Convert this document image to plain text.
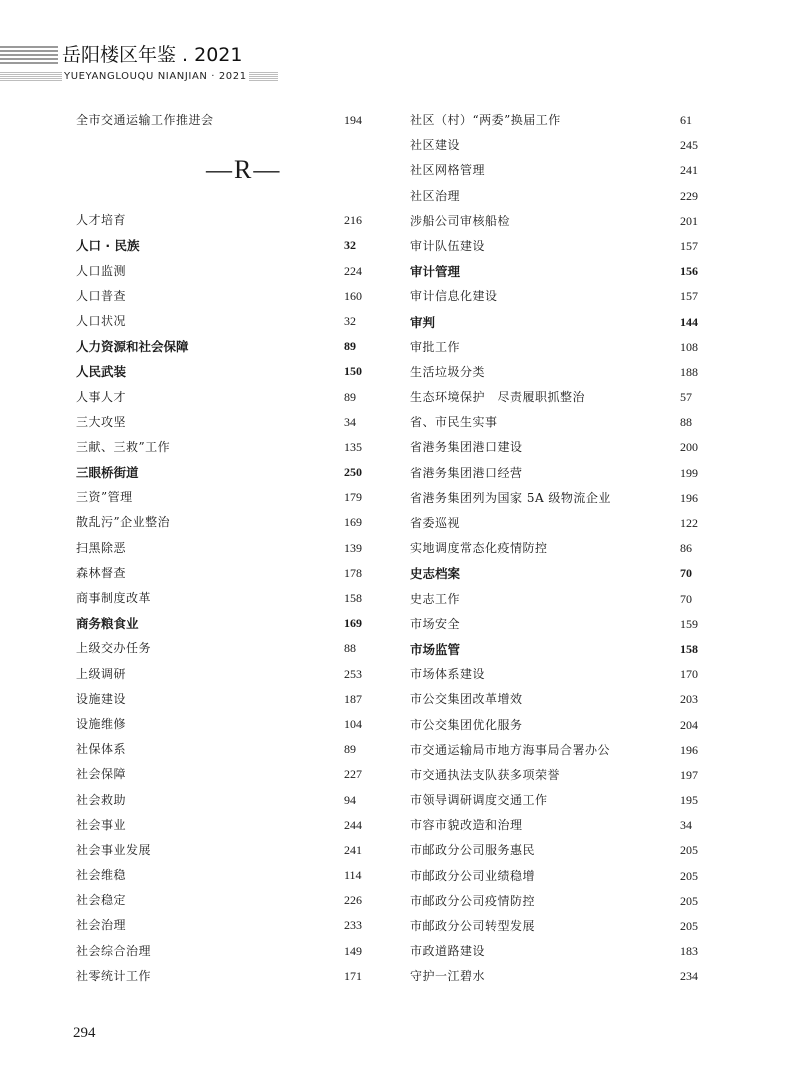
岳阳楼区年鉴 . 2021
YUEYANGLOUQU NIANJIAN · 2021
全市交通运输工作推进会	194
—R—
人才培育	216
人口 · 民族	32
人口监测	224
人口普查	160
人口状况	32
人力资源和社会保障	89
人民武装	150
人事人才	89
三大攻坚	34
三献、三救”工作	135
三眼桥街道	250
三资”管理	179
散乱污”企业整治	169
扫黑除恶	139
森林督查	178
商事制度改革	158
商务粮食业	169
上级交办任务	88
上级调研	253
设施建设	187
设施维修	104
社保体系	89
社会保障	227
社会救助	94
社会事业	244
社会事业发展	241
社会维稳	114
社会稳定	226
社会治理	233
社会综合治理	149
社零统计工作	171
社区（村）“两委”换届工作	61
社区建设	245
社区网格管理	241
社区治理	229
涉船公司审核船检	201
审计队伍建设	157
审计管理	156
审计信息化建设	157
审判	144
审批工作	108
生活垃圾分类	188
生态环境保护　尽责履职抓整治	57
省、市民生实事	88
省港务集团港口建设	200
省港务集团港口经营	199
省港务集团列为国家 5A 级物流企业	196
省委巡视	122
实地调度常态化疫情防控	86
史志档案	70
史志工作	70
市场安全	159
市场监管	158
市场体系建设	170
市公交集团改革增效	203
市公交集团优化服务	204
市交通运输局市地方海事局合署办公	196
市交通执法支队获多项荣誉	197
市领导调研调度交通工作	195
市容市貌改造和治理	34
市邮政分公司服务惠民	205
市邮政分公司业绩稳增	205
市邮政分公司疫情防控	205
市邮政分公司转型发展	205
市政道路建设	183
守护一江碧水	234
294
